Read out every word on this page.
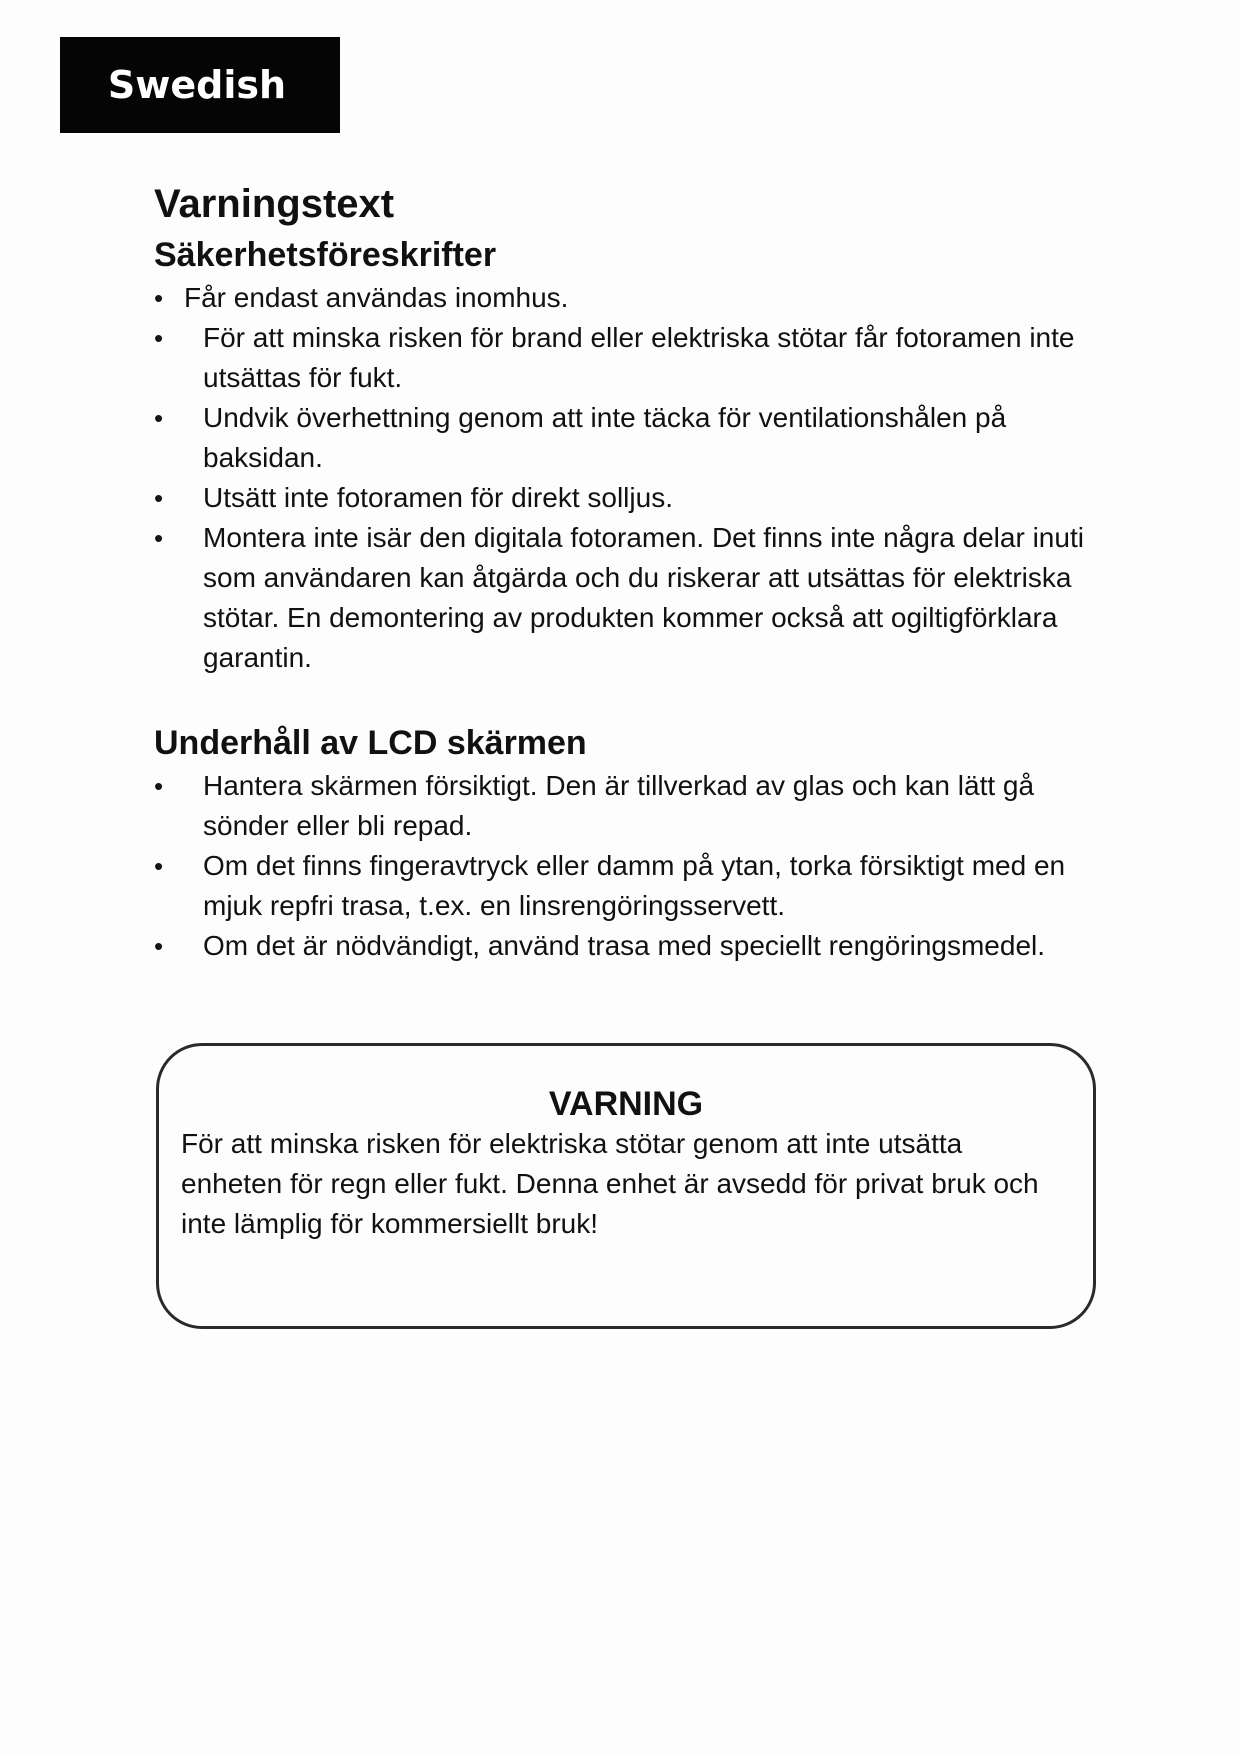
Swedish
Varningstext
Säkerhetsföreskrifter
• Får endast användas inomhus.
• För att minska risken för brand eller elektriska stötar får fotoramen inte utsättas för fukt.
• Undvik överhettning genom att inte täcka för ventilationshålen på baksidan.
• Utsätt inte fotoramen för direkt solljus.
• Montera inte isär den digitala fotoramen. Det finns inte några delar inuti som användaren kan åtgärda och du riskerar att utsättas för elektriska stötar. En demontering av produkten kommer också att ogiltigförklara garantin.
Underhåll av LCD skärmen
• Hantera skärmen försiktigt. Den är tillverkad av glas och kan lätt gå sönder eller bli repad.
• Om det finns fingeravtryck eller damm på ytan, torka försiktigt med en mjuk repfri trasa, t.ex. en linsrengöringsservett.
• Om det är nödvändigt, använd trasa med speciellt rengöringsmedel.
VARNING

För att minska risken för elektriska stötar genom att inte utsätta enheten för regn eller fukt. Denna enhet är avsedd för privat bruk och inte lämplig för kommersiellt bruk!
